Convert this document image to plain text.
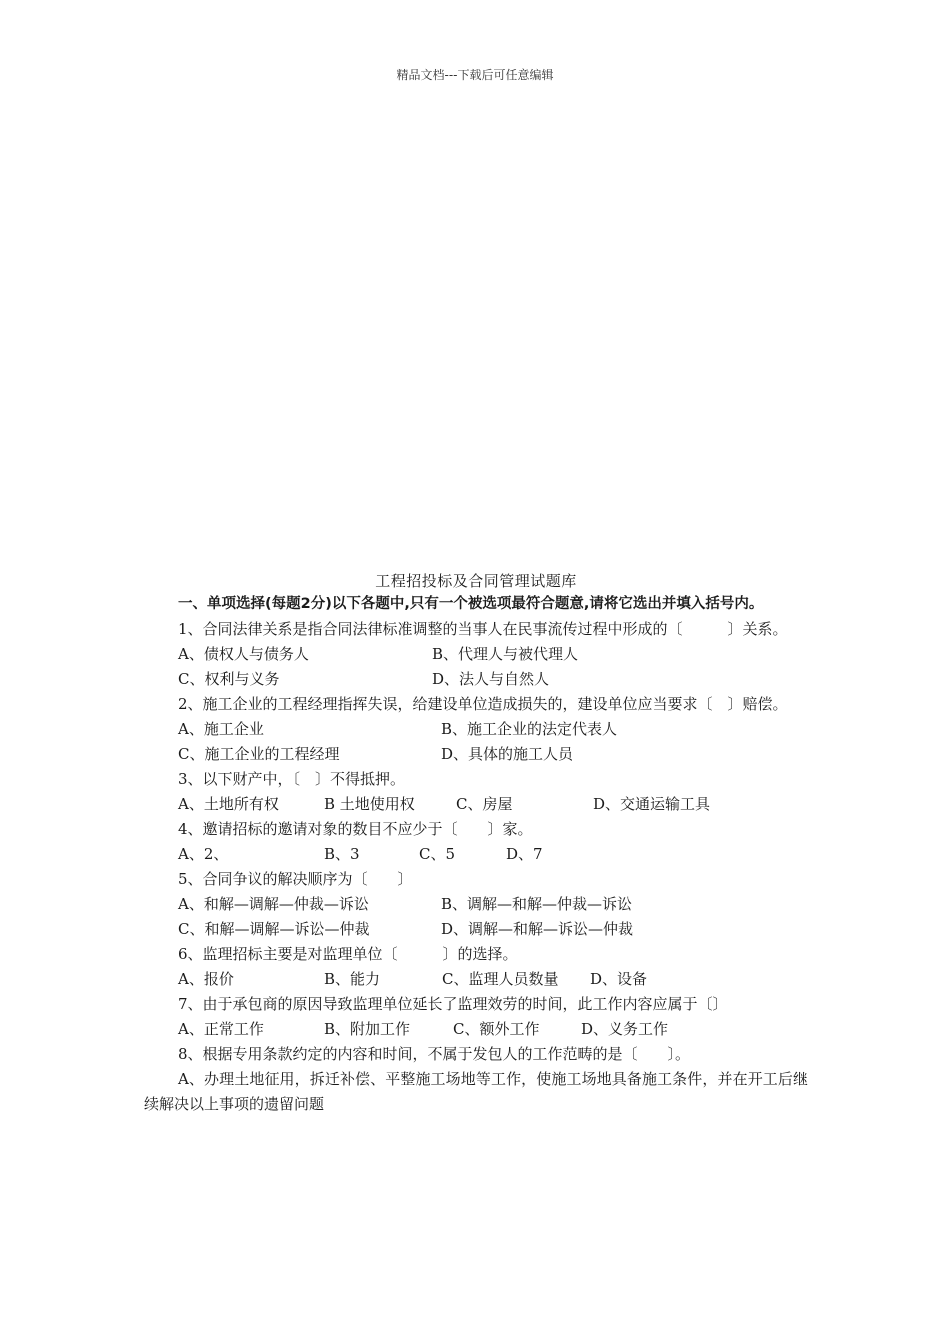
精品文档---下载后可任意编辑
工程招投标及合同管理试题库

一、单项选择(每题2分)以下各题中,只有一个被选项最符合题意,请将它选出并填入括号内。

1、合同法律关系是指合同法律标准调整的当事人在民事流传过程中形成的〔　　　〕关系。

A、债权人与债务人	B、代理人与被代理人
C、权利与义务	D、法人与自然人

2、施工企业的工程经理指挥失误，给建设单位造成损失的，建设单位应当要求〔　〕赔偿。

A、施工企业	B、施工企业的法定代表人
C、施工企业的工程经理	D、具体的施工人员

3、以下财产中，〔　〕不得抵押。

A、土地所有权	B 土地使用权	C、房屋	D、交通运输工具

4、邀请招标的邀请对象的数目不应少于〔　　〕家。

A、2、	B、3	C、5	D、7

5、合同争议的解决顺序为〔　　〕

A、和解—调解—仲裁—诉讼	B、调解—和解—仲裁—诉讼
C、和解—调解—诉讼—仲裁	D、调解—和解—诉讼—仲裁

6、监理招标主要是对监理单位〔　　　〕的选择。

A、报价	B、能力	C、监理人员数量 D、设备

7、由于承包商的原因导致监理单位延长了监理效劳的时间，此工作内容应属于〔〕

A、正常工作	B、附加工作	C、额外工作	D、义务工作

8、根据专用条款约定的内容和时间，不属于发包人的工作范畴的是〔　　〕。

A、办理土地征用，拆迁补偿、平整施工场地等工作，使施工场地具备施工条件，并在开工后继续解决以上事项的遗留问题
